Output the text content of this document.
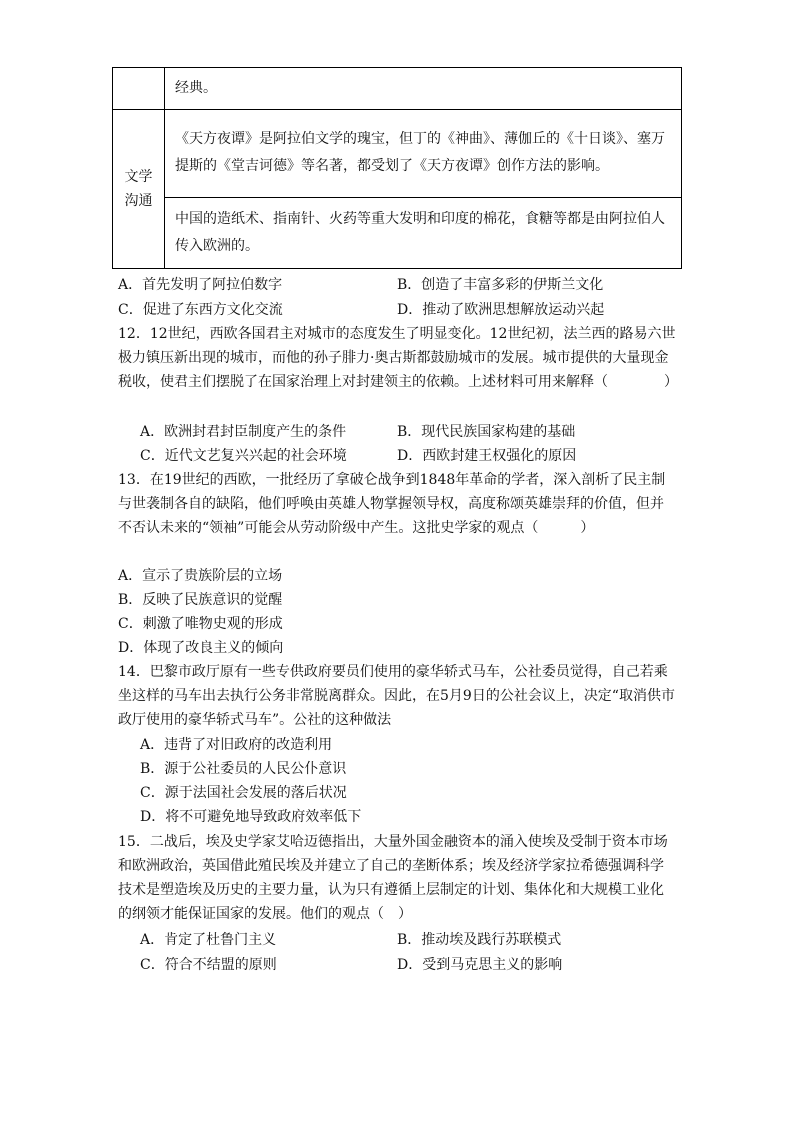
	经典。

文学沟通	《天方夜谭》是阿拉伯文学的瑰宝，但丁的《神曲》、薄伽丘的《十日谈》、塞万提斯的《堂吉诃德》等名著，都受划了《天方夜谭》创作方法的影响。
	中国的造纸术、指南针、火药等重大发明和印度的棉花，食糖等都是由阿拉伯人传入欧洲的。
A．首先发明了阿拉伯数字	B．创造了丰富多彩的伊斯兰文化
C．促进了东西方文化交流	D．推动了欧洲思想解放运动兴起
12．12世纪，西欧各国君主对城市的态度发生了明显变化。12世纪初，法兰西的路易六世极力镇压新出现的城市，而他的孙子腓力·奥古斯都鼓励城市的发展。城市提供的大量现金税收，使君主们摆脱了在国家治理上对封建领主的依赖。上述材料可用来解释（　　　　）
A．欧洲封君封臣制度产生的条件	B．现代民族国家构建的基础
C．近代文艺复兴兴起的社会环境	D．西欧封建王权强化的原因
13．在19世纪的西欧，一批经历了拿破仑战争到1848年革命的学者，深入剖析了民主制与世袭制各自的缺陷，他们呼唤由英雄人物掌握领导权，高度称颂英雄崇拜的价值，但并不否认未来的“领袖”可能会从劳动阶级中产生。这批史学家的观点（　　　）
A．宣示了贵族阶层的立场
B．反映了民族意识的觉醒
C．刺激了唯物史观的形成
D．体现了改良主义的倾向
14．巴黎市政厅原有一些专供政府要员们使用的豪华轿式马车，公社委员觉得，自己若乘坐这样的马车出去执行公务非常脱离群众。因此，在5月9日的公社会议上，决定“取消供市政厅使用的豪华轿式马车”。公社的这种做法
A．违背了对旧政府的改造利用
B．源于公社委员的人民公仆意识
C．源于法国社会发展的落后状况
D．将不可避免地导致政府效率低下
15．二战后，埃及史学家艾哈迈德指出，大量外国金融资本的涌入使埃及受制于资本市场和欧洲政治，英国借此殖民埃及并建立了自己的垄断体系；埃及经济学家拉希德强调科学技术是塑造埃及历史的主要力量，认为只有遵循上层制定的计划、集体化和大规模工业化的纲领才能保证国家的发展。他们的观点（　）
A．肯定了杜鲁门主义	B．推动埃及践行苏联模式
C．符合不结盟的原则	D．受到马克思主义的影响
